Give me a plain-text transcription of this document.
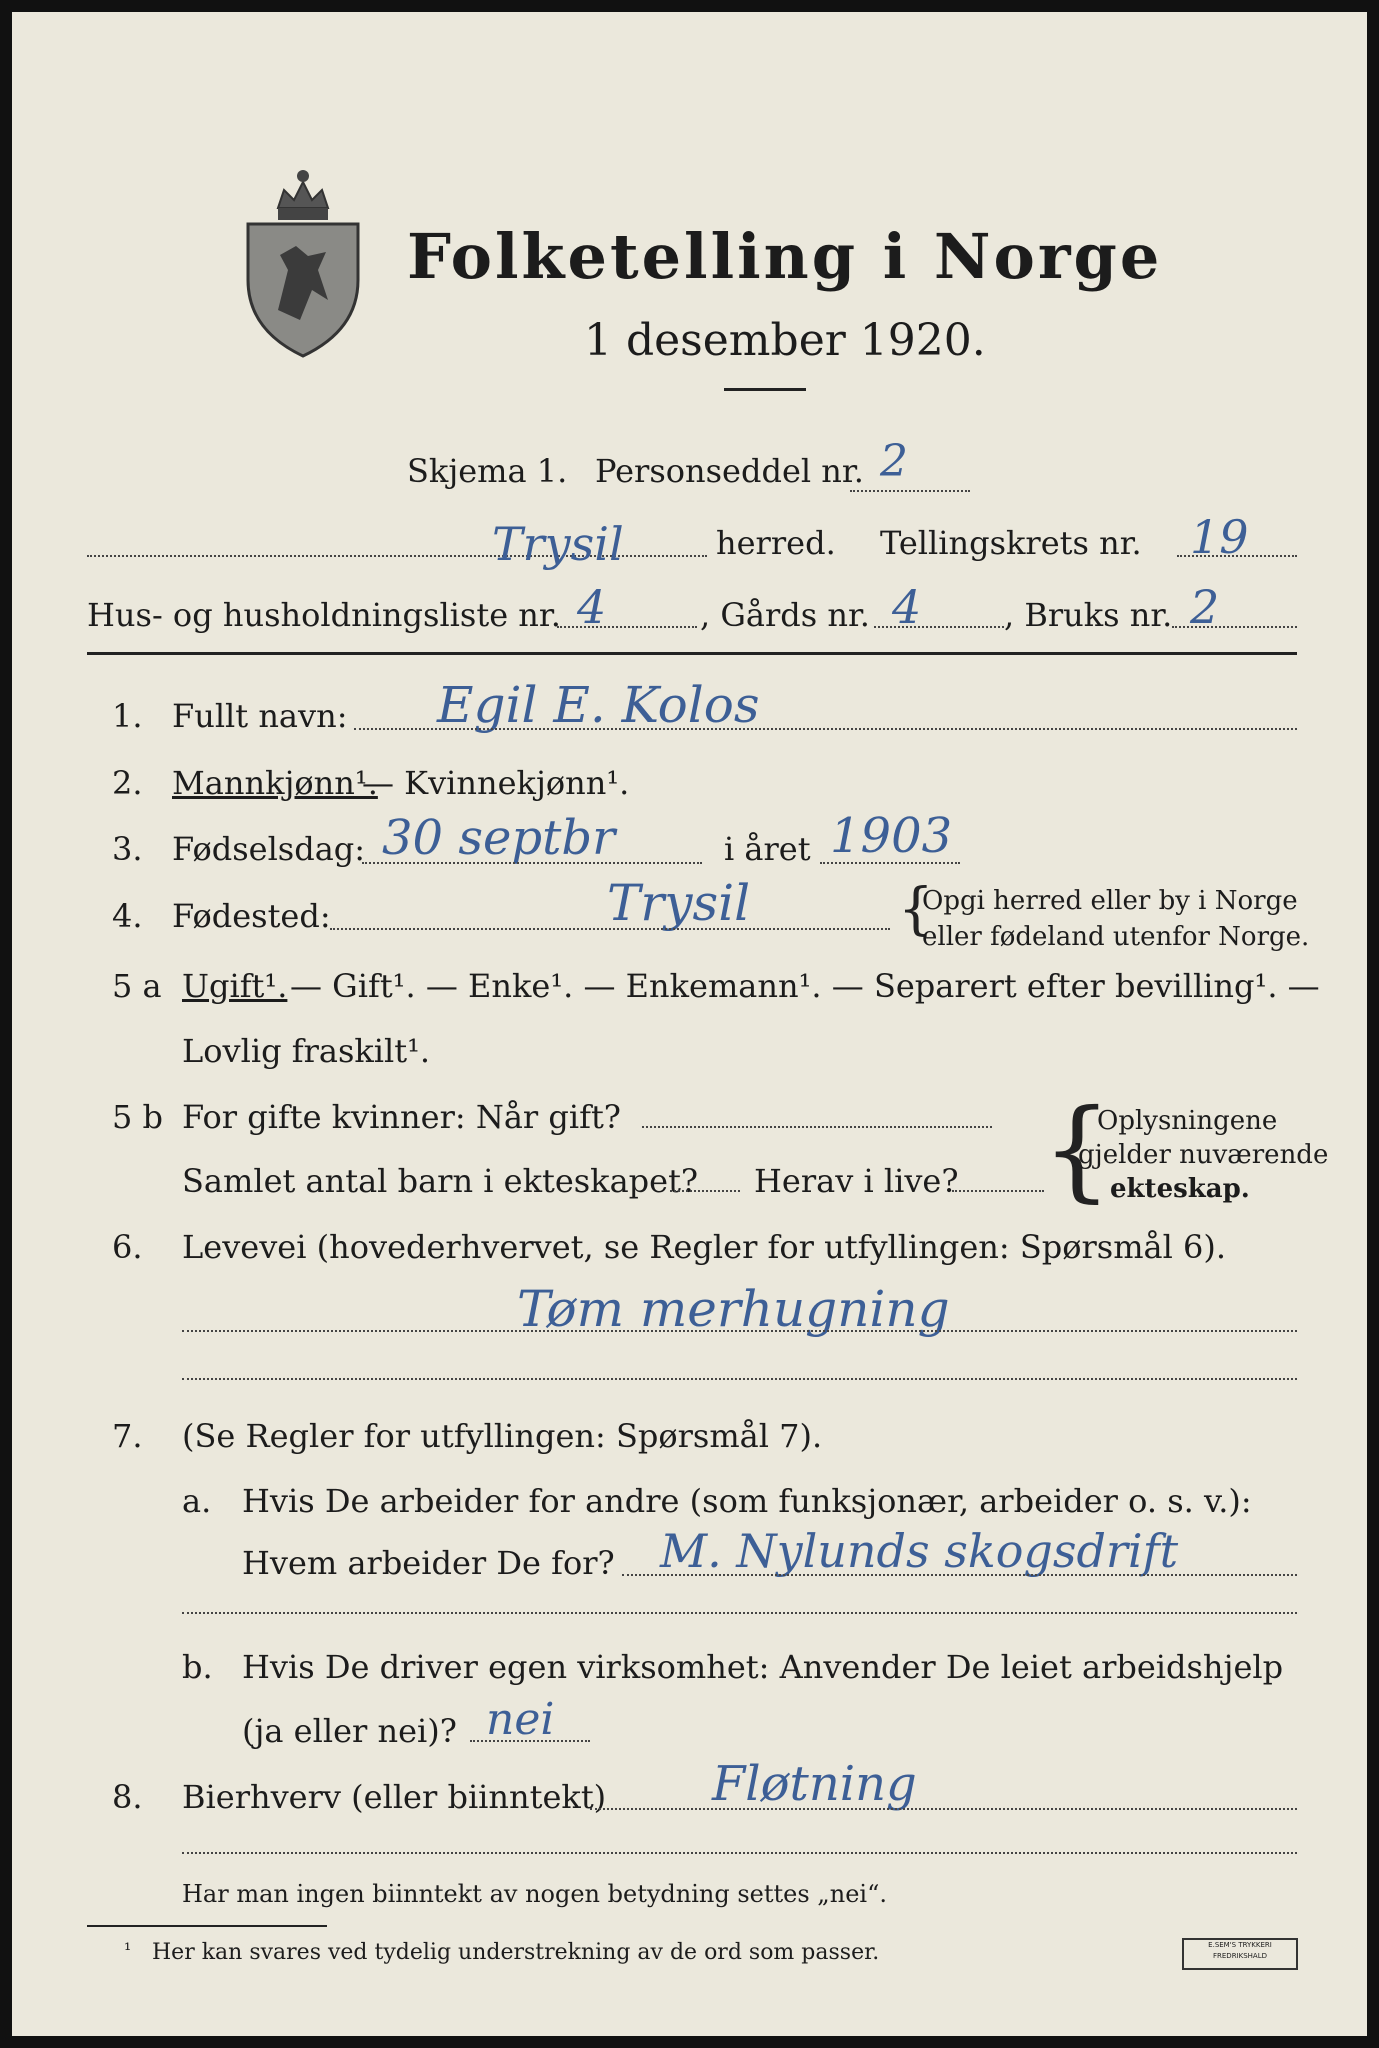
Folketelling i Norge
1 desember 1920.
Skjema 1. Personseddel nr. 2
Trysil	herred. Tellingskrets nr. 19
Hus- og husholdningsliste nr. 4	, Gårds nr. 4	, Bruks nr. 2
1. Fullt navn: Egil E. Kolos
2. Mannkjønn¹.
— Kvinnekjønn¹.
3. Fødselsdag: 30 septbr	i året 1903
4. Fødested:	Trysil	{
Opgi herred eller by i Norge
eller fødeland utenfor Norge.
5 a Ugift¹. — Gift¹. — Enke¹. — Enkemann¹. — Separert efter bevilling¹. —
Lovlig fraskilt¹.
5 b For gifte kvinner: Når gift?
Samlet antal barn i ekteskapet? Herav i live? {
Oplysningene
gjelder nuværende
ekteskap.
6. Levevei (hovederhvervet, se Regler for utfyllingen: Spørsmål 6).
Tøm merhugning
7. (Se Regler for utfyllingen: Spørsmål 7).
a. Hvis De arbeider for andre (som funksjonær, arbeider o. s. v.):
Hvem arbeider De for? M. Nylunds skogsdrift
b. Hvis De driver egen virksomhet: Anvender De leiet arbeidshjelp
(ja eller nei)? nei
8. Bierhverv (eller biinntekt) Fløtning
Har man ingen biinntekt av nogen betydning settes „nei“.
¹ Her kan svares ved tydelig understrekning av de ord som passer.	E.SEM'S TRYKKERI
FREDRIKSHALD
